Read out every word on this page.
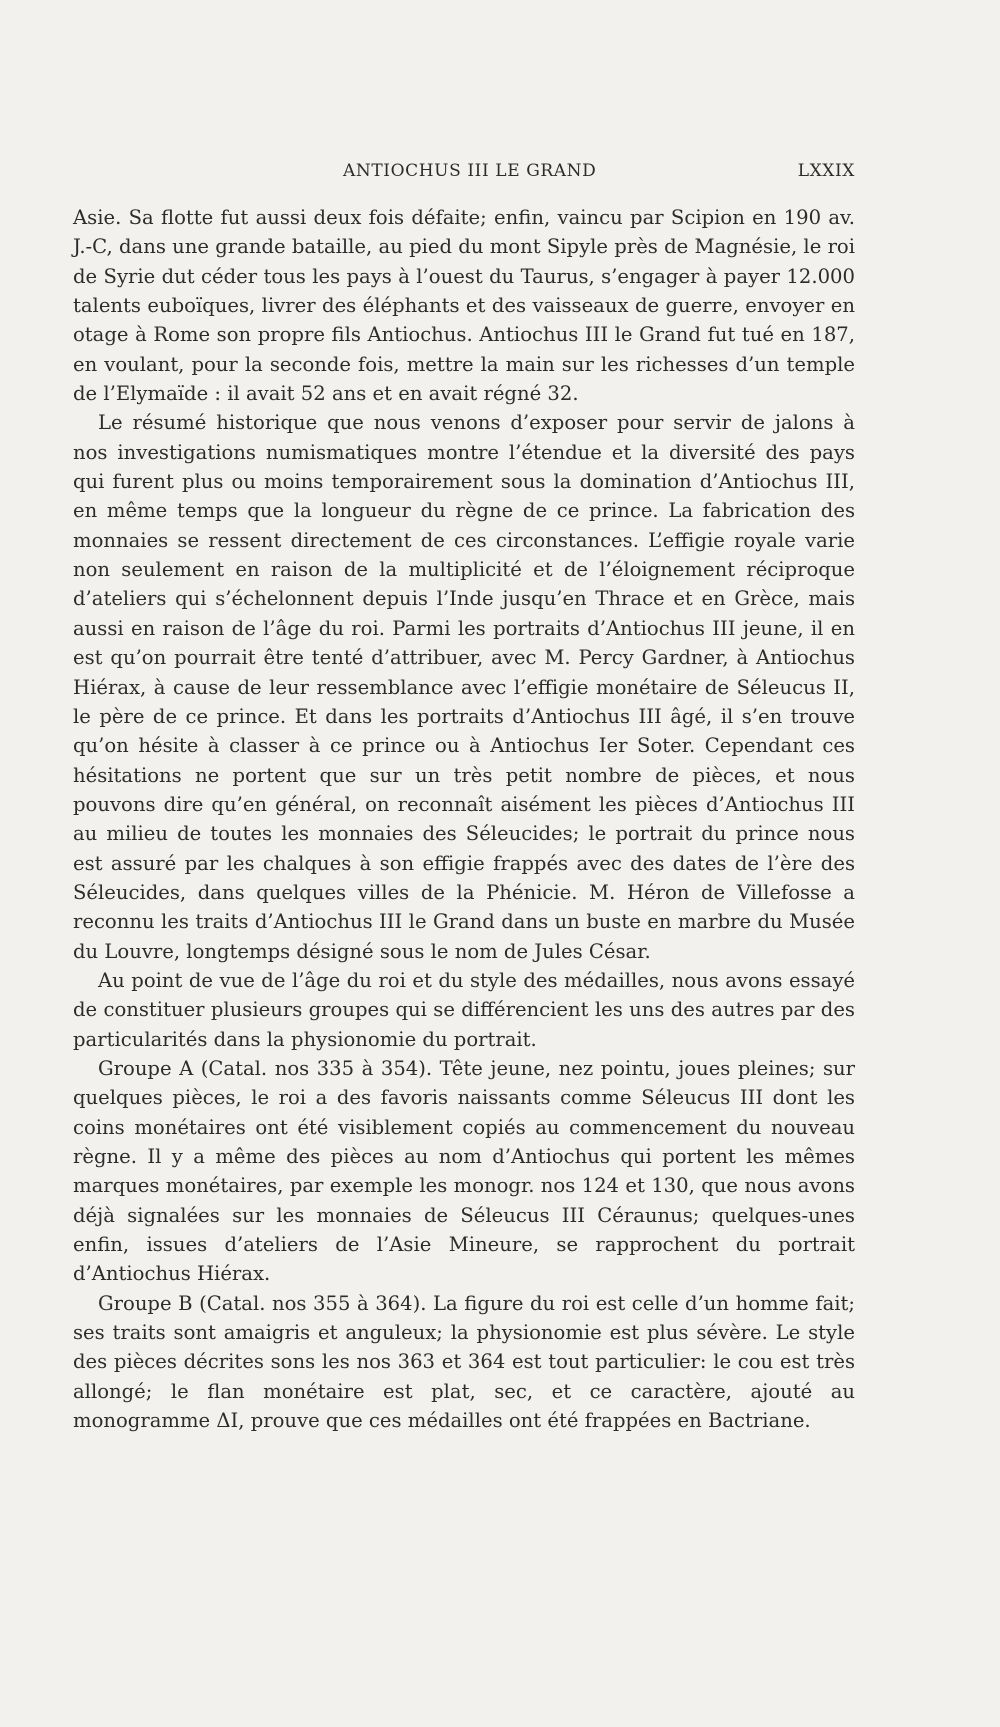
ANTIOCHUS III LE GRAND	LXXIX

Asie. Sa flotte fut aussi deux fois défaite; enfin, vaincu par Scipion en 190 av. J.-C, dans une grande bataille, au pied du mont Sipyle près de Magnésie, le roi de Syrie dut céder tous les pays à l’ouest du Taurus, s’engager à payer 12.000 talents euboïques, livrer des éléphants et des vaisseaux de guerre, envoyer en otage à Rome son propre fils Antiochus. Antiochus III le Grand fut tué en 187, en voulant, pour la seconde fois, mettre la main sur les richesses d’un temple de l’Elymaïde : il avait 52 ans et en avait régné 32.

Le résumé historique que nous venons d’exposer pour servir de jalons à nos investigations numismatiques montre l’étendue et la diversité des pays qui furent plus ou moins temporairement sous la domination d’Antiochus III, en même temps que la longueur du règne de ce prince. La fabrication des monnaies se ressent directement de ces circonstances. L’effigie royale varie non seulement en raison de la multiplicité et de l’éloignement réciproque d’ateliers qui s’échelonnent depuis l’Inde jusqu’en Thrace et en Grèce, mais aussi en raison de l’âge du roi. Parmi les portraits d’Antiochus III jeune, il en est qu’on pourrait être tenté d’attribuer, avec M. Percy Gardner, à Antiochus Hiérax, à cause de leur ressemblance avec l’effigie monétaire de Séleucus II, le père de ce prince. Et dans les portraits d’Antiochus III âgé, il s’en trouve qu’on hésite à classer à ce prince ou à Antiochus Ier Soter. Cependant ces hésitations ne portent que sur un très petit nombre de pièces, et nous pouvons dire qu’en général, on reconnaît aisément les pièces d’Antiochus III au milieu de toutes les monnaies des Séleucides; le portrait du prince nous est assuré par les chalques à son effigie frappés avec des dates de l’ère des Séleucides, dans quelques villes de la Phénicie. M. Héron de Villefosse a reconnu les traits d’Antiochus III le Grand dans un buste en marbre du Musée du Louvre, longtemps désigné sous le nom de Jules César.

Au point de vue de l’âge du roi et du style des médailles, nous avons essayé de constituer plusieurs groupes qui se différencient les uns des autres par des particularités dans la physionomie du portrait.

Groupe A (Catal. nos 335 à 354). Tête jeune, nez pointu, joues pleines; sur quelques pièces, le roi a des favoris naissants comme Séleucus III dont les coins monétaires ont été visiblement copiés au commencement du nouveau règne. Il y a même des pièces au nom d’Antiochus qui portent les mêmes marques monétaires, par exemple les monogr. nos 124 et 130, que nous avons déjà signalées sur les monnaies de Séleucus III Céraunus; quelques-unes enfin, issues d’ateliers de l’Asie Mineure, se rapprochent du portrait d’Antiochus Hiérax.

Groupe B (Catal. nos 355 à 364). La figure du roi est celle d’un homme fait; ses traits sont amaigris et anguleux; la physionomie est plus sévère. Le style des pièces décrites sons les nos 363 et 364 est tout particulier: le cou est très allongé; le flan monétaire est plat, sec, et ce caractère, ajouté au monogramme ΔΙ, prouve que ces médailles ont été frappées en Bactriane.
